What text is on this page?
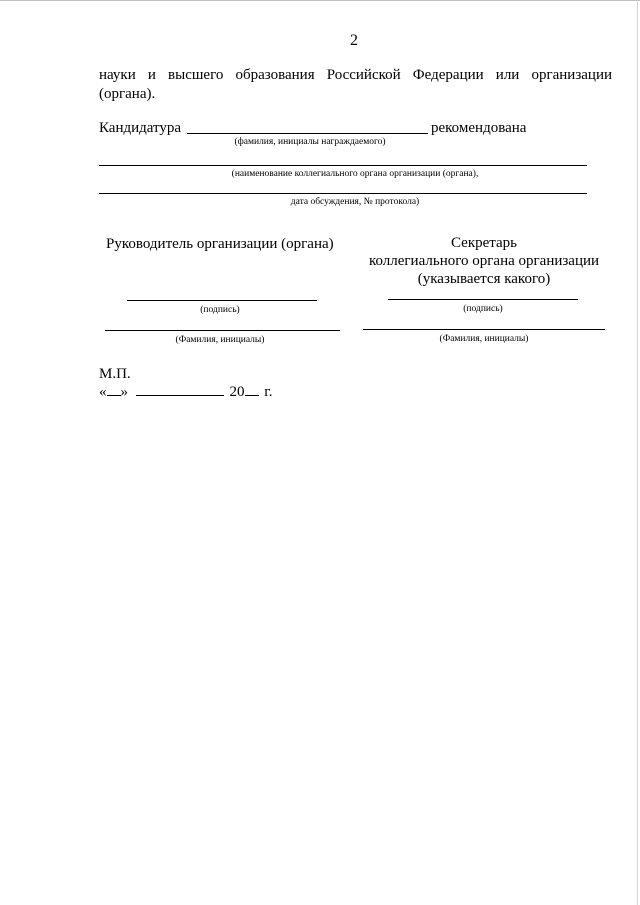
2
науки и высшего образования Российской Федерации или организации
(органа).
Кандидатура	рекомендована
(фамилия, инициалы награждаемого)
(наименование коллегиального органа организации (органа),
дата обсуждения, № протокола)
Руководитель организации (органа)
(подпись)
(Фамилия, инициалы)
Секретарь
коллегиального органа организации
(указывается какого)
(подпись)
(Фамилия, инициалы)
М.П.
« »	20 г.
